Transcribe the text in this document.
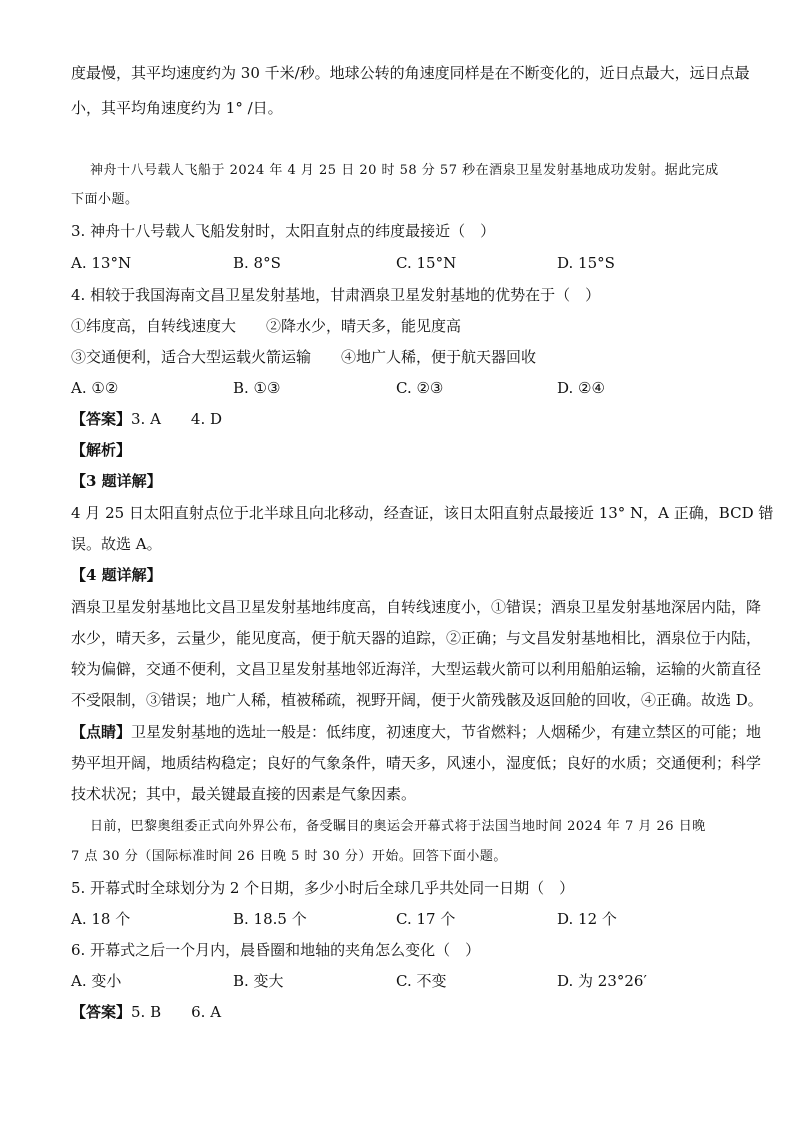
度最慢，其平均速度约为 30 千米/秒。地球公转的角速度同样是在不断变化的，近日点最大，远日点最
小，其平均角速度约为 1° /日。
神舟十八号载人飞船于 2024 年 4 月 25 日 20 时 58 分 57 秒在酒泉卫星发射基地成功发射。据此完成
下面小题。
3. 神舟十八号载人飞船发射时，太阳直射点的纬度最接近（　）
A. 13°N	B. 8°S	C. 15°N	D. 15°S
4. 相较于我国海南文昌卫星发射基地，甘肃酒泉卫星发射基地的优势在于（　）
①纬度高，自转线速度大　　②降水少，晴天多，能见度高
③交通便利，适合大型运载火箭运输　　④地广人稀，便于航天器回收
A. ①②	B. ①③	C. ②③	D. ②④
【答案】3. A　　4. D
【解析】
【3 题详解】
4 月 25 日太阳直射点位于北半球且向北移动，经查证，该日太阳直射点最接近 13° N，A 正确，BCD 错
误。故选 A。
【4 题详解】
酒泉卫星发射基地比文昌卫星发射基地纬度高，自转线速度小，①错误；酒泉卫星发射基地深居内陆，降
水少，晴天多，云量少，能见度高，便于航天器的追踪，②正确；与文昌发射基地相比，酒泉位于内陆，
较为偏僻，交通不便利，文昌卫星发射基地邻近海洋，大型运载火箭可以利用船舶运输，运输的火箭直径
不受限制，③错误；地广人稀，植被稀疏，视野开阔，便于火箭残骸及返回舱的回收，④正确。故选 D。
【点睛】卫星发射基地的选址一般是：低纬度，初速度大，节省燃料；人烟稀少，有建立禁区的可能；地
势平坦开阔，地质结构稳定；良好的气象条件，晴天多，风速小，湿度低；良好的水质；交通便利；科学
技术状况；其中，最关键最直接的因素是气象因素。
日前，巴黎奥组委正式向外界公布，备受瞩目的奥运会开幕式将于法国当地时间 2024 年 7 月 26 日晚
7 点 30 分（国际标准时间 26 日晚 5 时 30 分）开始。回答下面小题。
5. 开幕式时全球划分为 2 个日期，多少小时后全球几乎共处同一日期（　）
A. 18 个	B. 18.5 个	C. 17 个	D. 12 个
6. 开幕式之后一个月内，晨昏圈和地轴的夹角怎么变化（　）
A. 变小	B. 变大	C. 不变	D. 为 23°26′
【答案】5. B　　6. A
